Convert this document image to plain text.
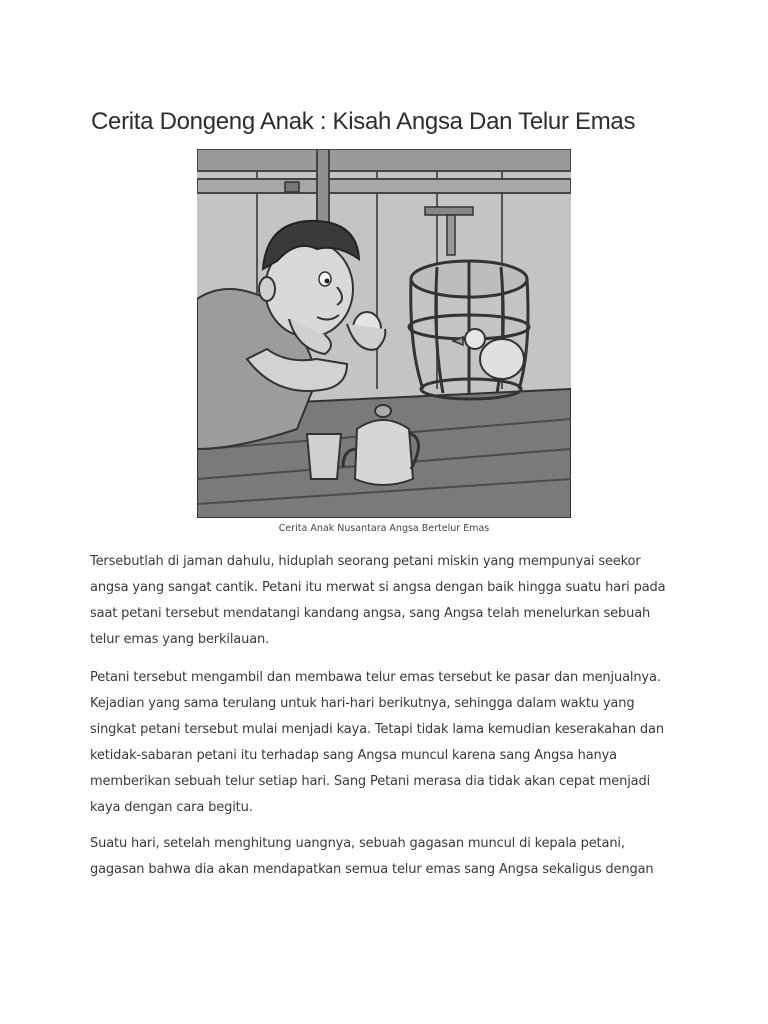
Cerita Dongeng Anak : Kisah Angsa Dan Telur Emas
Cerita Anak Nusantara Angsa Bertelur Emas

Tersebutlah di jaman dahulu, hiduplah seorang petani miskin yang mempunyai seekor
angsa yang sangat cantik. Petani itu merwat si angsa dengan baik hingga suatu hari pada
saat petani tersebut mendatangi kandang angsa, sang Angsa telah menelurkan sebuah
telur emas yang berkilauan.

Petani tersebut mengambil dan membawa telur emas tersebut ke pasar dan menjualnya.
Kejadian yang sama terulang untuk hari-hari berikutnya, sehingga dalam waktu yang
singkat petani tersebut mulai menjadi kaya. Tetapi tidak lama kemudian keserakahan dan
ketidak-sabaran petani itu terhadap sang Angsa muncul karena sang Angsa hanya
memberikan sebuah telur setiap hari. Sang Petani merasa dia tidak akan cepat menjadi
kaya dengan cara begitu.

Suatu hari, setelah menghitung uangnya, sebuah gagasan muncul di kepala petani,
gagasan bahwa dia akan mendapatkan semua telur emas sang Angsa sekaligus dengan
